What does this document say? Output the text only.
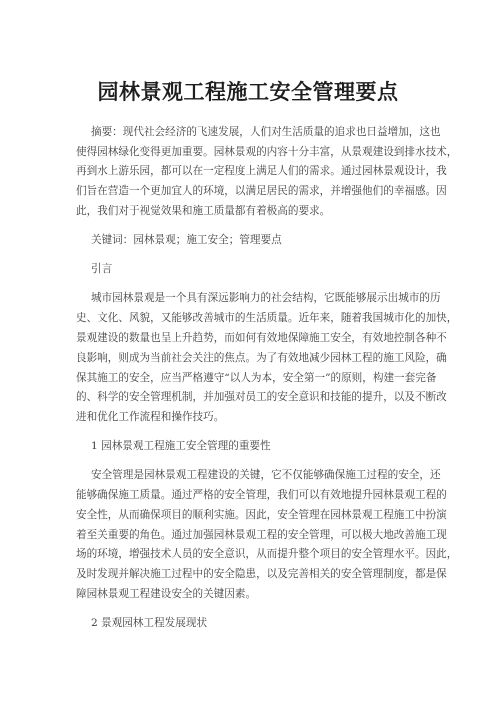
园林景观工程施工安全管理要点
摘要：现代社会经济的飞速发展，人们对生活质量的追求也日益增加，这也
使得园林绿化变得更加重要。园林景观的内容十分丰富，从景观建设到排水技术，
再到水上游乐园，都可以在一定程度上满足人们的需求。通过园林景观设计，我
们旨在营造一个更加宜人的环境，以满足居民的需求，并增强他们的幸福感。因
此，我们对于视觉效果和施工质量都有着极高的要求。
关键词：园林景观；施工安全；管理要点
引言
城市园林景观是一个具有深远影响力的社会结构，它既能够展示出城市的历
史、文化、风貌，又能够改善城市的生活质量。近年来，随着我国城市化的加快，
景观建设的数量也呈上升趋势，而如何有效地保障施工安全，有效地控制各种不
良影响，则成为当前社会关注的焦点。为了有效地减少园林工程的施工风险，确
保其施工的安全，应当严格遵守“以人为本，安全第一”的原则，构建一套完备
的、科学的安全管理机制，并加强对员工的安全意识和技能的提升，以及不断改
进和优化工作流程和操作技巧。
1 园林景观工程施工安全管理的重要性
安全管理是园林景观工程建设的关键，它不仅能够确保施工过程的安全，还
能够确保施工质量。通过严格的安全管理，我们可以有效地提升园林景观工程的
安全性，从而确保项目的顺利实施。因此，安全管理在园林景观工程施工中扮演
着至关重要的角色。通过加强园林景观工程的安全管理，可以极大地改善施工现
场的环境，增强技术人员的安全意识，从而提升整个项目的安全管理水平。因此，
及时发现并解决施工过程中的安全隐患，以及完善相关的安全管理制度，都是保
障园林景观工程建设安全的关键因素。
2 景观园林工程发展现状
